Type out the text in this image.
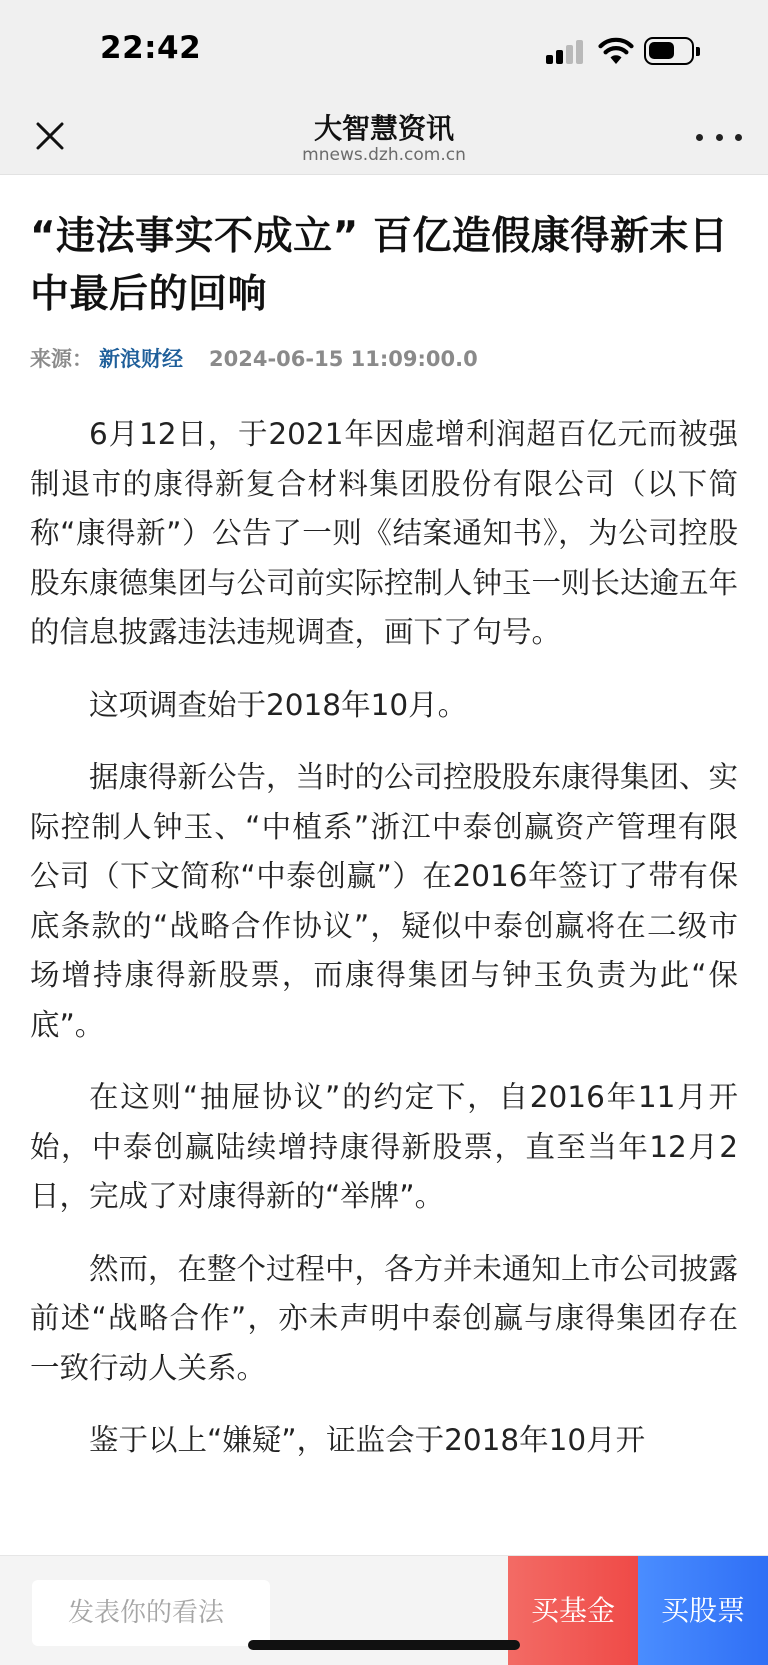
22:42
大智慧资讯
mnews.dzh.com.cn
“违法事实不成立” 百亿造假康得新末日中最后的回响
来源： 新浪财经 2024-06-15 11:09:00.0

6月12日，于2021年因虚增利润超百亿元而被强制退市的康得新复合材料集团股份有限公司（以下简称“康得新”）公告了一则《结案通知书》，为公司控股股东康德集团与公司前实际控制人钟玉一则长达逾五年的信息披露违法违规调查，画下了句号。

这项调查始于2018年10月。

据康得新公告，当时的公司控股股东康得集团、实际控制人钟玉、“中植系”浙江中泰创赢资产管理有限公司（下文简称“中泰创赢”）在2016年签订了带有保底条款的“战略合作协议”，疑似中泰创赢将在二级市场增持康得新股票，而康得集团与钟玉负责为此“保底”。

在这则“抽屉协议”的约定下，自2016年11月开始，中泰创赢陆续增持康得新股票，直至当年12月2日，完成了对康得新的“举牌”。

然而，在整个过程中，各方并未通知上市公司披露前述“战略合作”，亦未声明中泰创赢与康得集团存在一致行动人关系。

鉴于以上“嫌疑”，证监会于2018年10月开

发表你的看法	买基金	买股票
